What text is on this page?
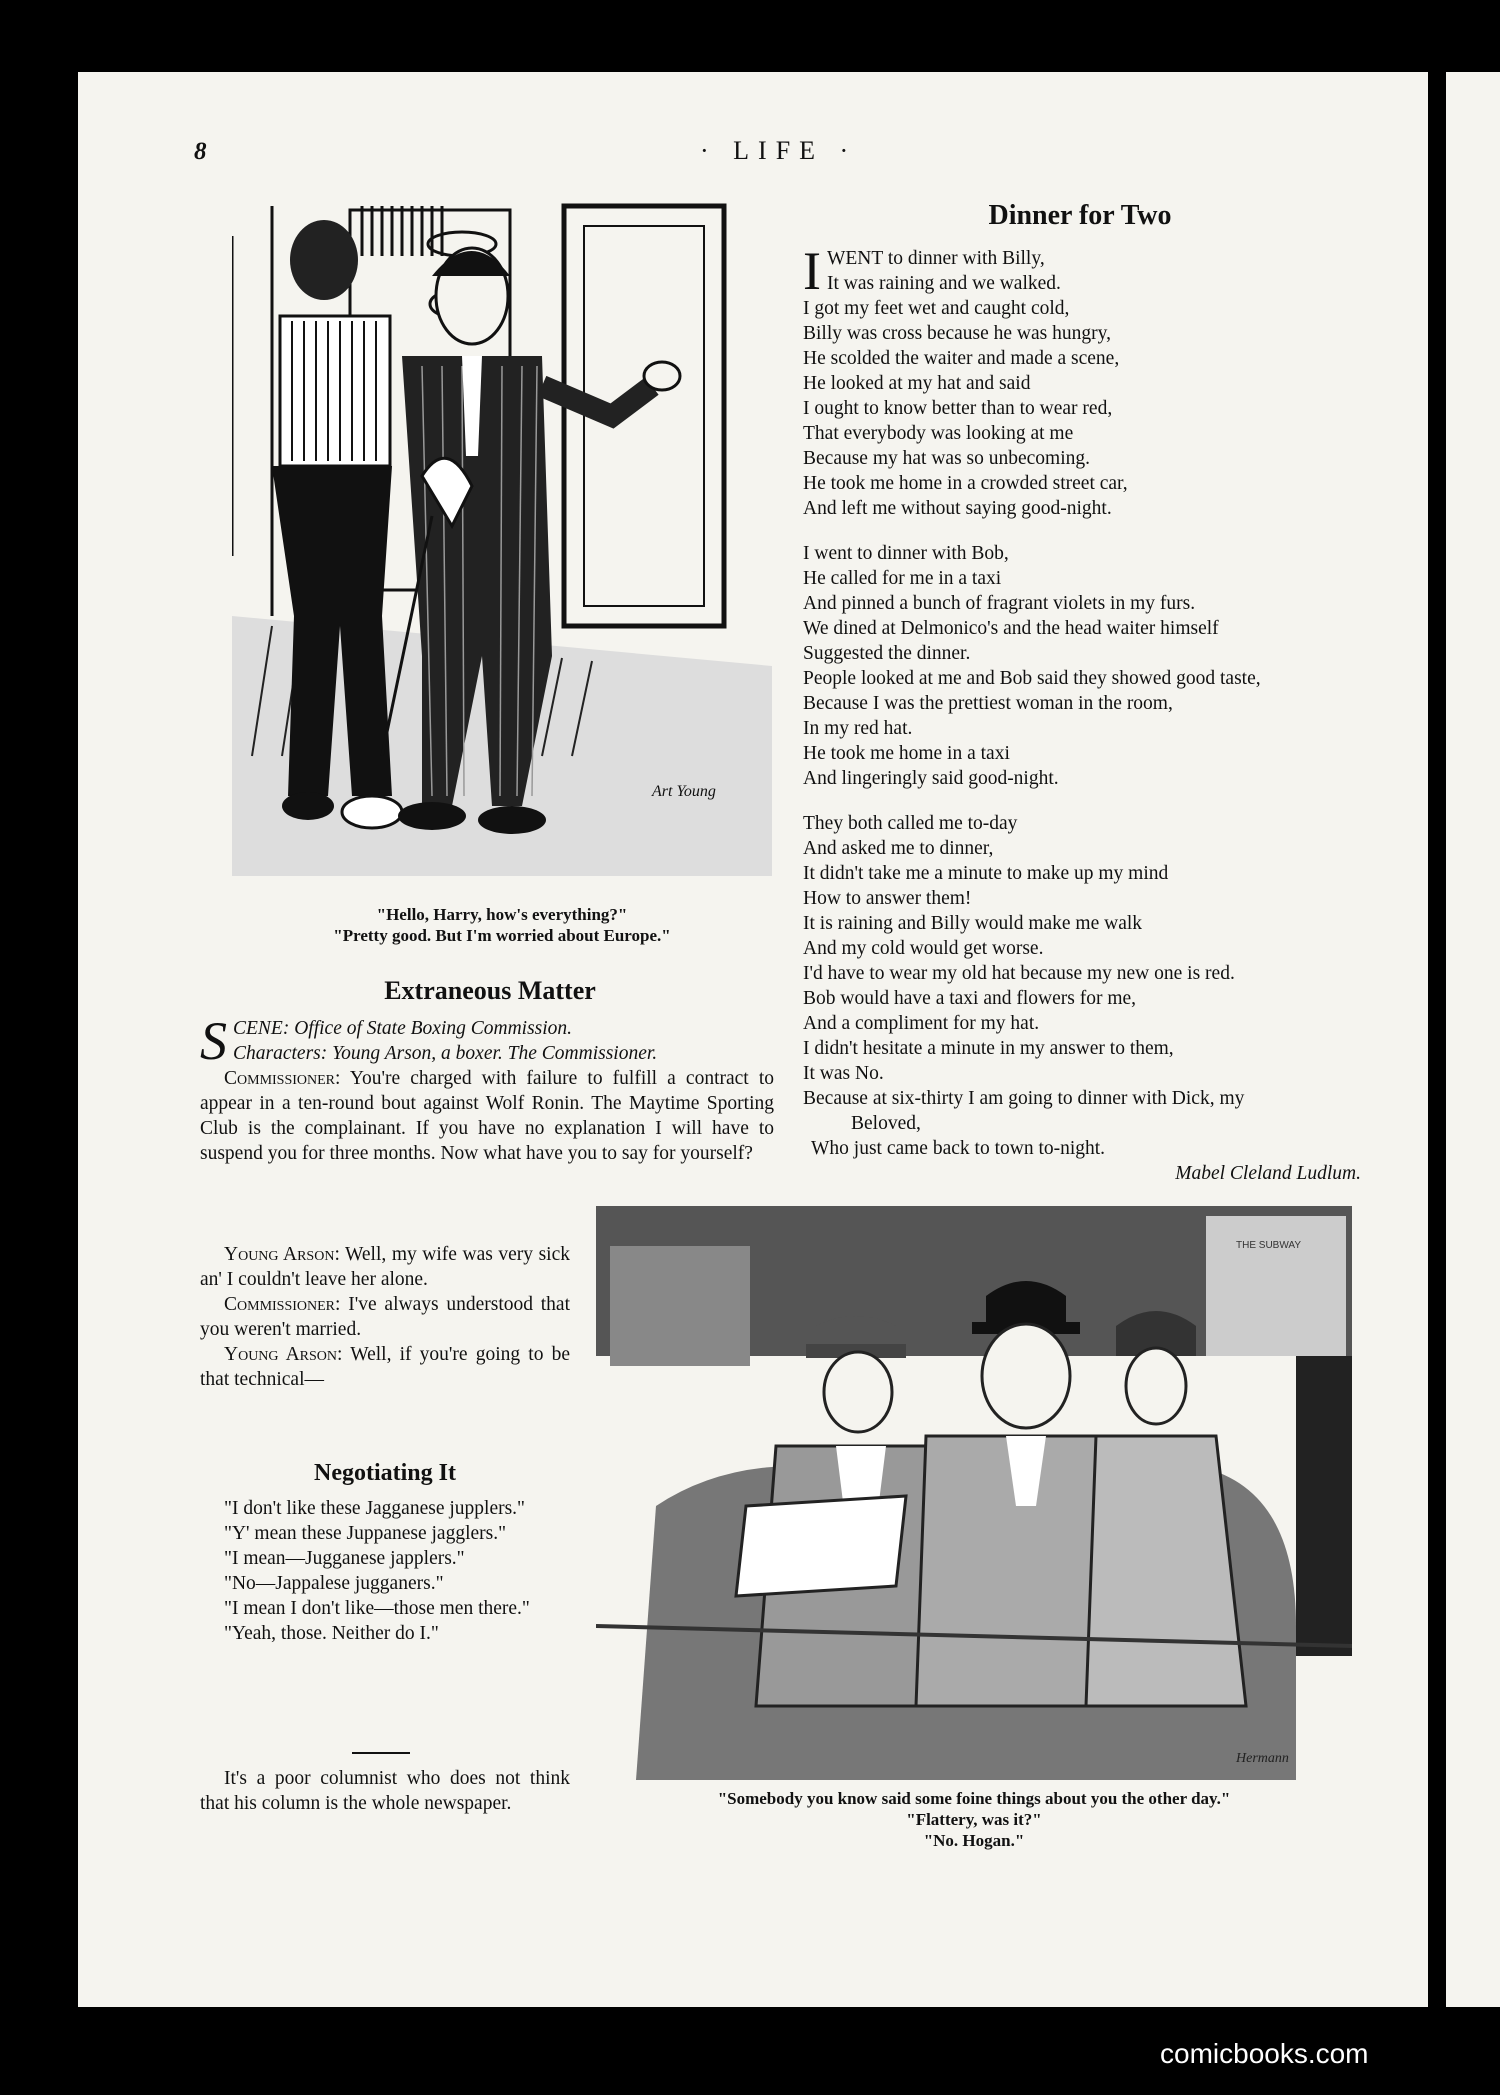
8	· LIFE ·
Art Young
"Hello, Harry, how's everything?"
"Pretty good. But I'm worried about Europe."
Dinner for Two
I WENT to dinner with Billy,

It was raining and we walked.

I got my feet wet and caught cold,

Billy was cross because he was hungry,

He scolded the waiter and made a scene,

He looked at my hat and said

I ought to know better than to wear red,

That everybody was looking at me

Because my hat was so unbecoming.

He took me home in a crowded street car,

And left me without saying good-night.

I went to dinner with Bob,

He called for me in a taxi

And pinned a bunch of fragrant violets in my furs.

We dined at Delmonico's and the head waiter himself

Suggested the dinner.

People looked at me and Bob said they showed good taste,

Because I was the prettiest woman in the room,

In my red hat.

He took me home in a taxi

And lingeringly said good-night.

They both called me to-day

And asked me to dinner,

It didn't take me a minute to make up my mind

How to answer them!

It is raining and Billy would make me walk

And my cold would get worse.

I'd have to wear my old hat because my new one is red.

Bob would have a taxi and flowers for me,

And a compliment for my hat.

I didn't hesitate a minute in my answer to them,

It was No.

Because at six-thirty I am going to dinner with Dick, my

Beloved,

Who just came back to town to-night.

Mabel Cleland Ludlum.

Extraneous Matter

SCENE: Office of State Boxing Commission.

Characters: Young Arson, a boxer. The Commissioner.

Commissioner: You're charged with failure to fulfill a contract to appear in a ten-round bout against Wolf Ronin. The Maytime Sporting Club is the complainant. If you have no explanation I will have to suspend you for three months. Now what have you to say for yourself?

Young Arson: Well, my wife was very sick an' I couldn't leave her alone.

Commissioner: I've always understood that you weren't married.

Young Arson: Well, if you're going to be that technical—

Negotiating It

"I don't like these Jagganese jupplers."

"Y' mean these Juppanese jagglers."

"I mean—Jugganese japplers."

"No—Jappalese jugganers."

"I mean I don't like—those men there."

"Yeah, those. Neither do I."

It's a poor columnist who does not think that his column is the whole newspaper.

THE SUBWAY
Hermann
"Somebody you know said some foine things about you the other day."
"Flattery, was it?"
"No. Hogan."
comicbooks.com
